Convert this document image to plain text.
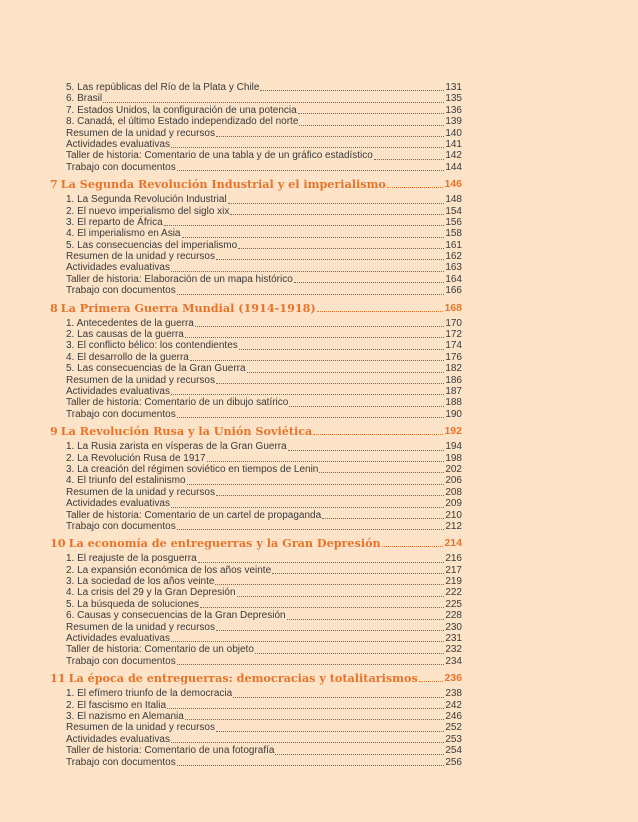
5. Las repúblicas del Río de la Plata y Chile	131
6. Brasil	135
7. Estados Unidos, la configuración de una potencia	136
8. Canadá, el último Estado independizado del norte	139
Resumen de la unidad y recursos	140
Actividades evaluativas	141
Taller de historia: Comentario de una tabla y de un gráfico estadístico	142
Trabajo con documentos	144
7 La Segunda Revolución Industrial y el imperialismo	146
1. La Segunda Revolución Industrial	148
2. El nuevo imperialismo del siglo xix	154
3. El reparto de África	156
4. El imperialismo en Asia	158
5. Las consecuencias del imperialismo	161
Resumen de la unidad y recursos	162
Actividades evaluativas	163
Taller de historia: Elaboración de un mapa histórico	164
Trabajo con documentos	166
8 La Primera Guerra Mundial (1914-1918)	168
1. Antecedentes de la guerra	170
2. Las causas de la guerra	172
3. El conflicto bélico: los contendientes	174
4. El desarrollo de la guerra	176
5. Las consecuencias de la Gran Guerra	182
Resumen de la unidad y recursos	186
Actividades evaluativas	187
Taller de historia: Comentario de un dibujo satírico	188
Trabajo con documentos	190
9 La Revolución Rusa y la Unión Soviética	192
1. La Rusia zarista en vísperas de la Gran Guerra	194
2. La Revolución Rusa de 1917	198
3. La creación del régimen soviético en tiempos de Lenin	202
4. El triunfo del estalinismo	206
Resumen de la unidad y recursos	208
Actividades evaluativas	209
Taller de historia: Comentario de un cartel de propaganda	210
Trabajo con documentos	212
10 La economía de entreguerras y la Gran Depresión	214
1. El reajuste de la posguerra	216
2. La expansión económica de los años veinte	217
3. La sociedad de los años veinte	219
4. La crisis del 29 y la Gran Depresión	222
5. La búsqueda de soluciones	225
6. Causas y consecuencias de la Gran Depresión	228
Resumen de la unidad y recursos	230
Actividades evaluativas	231
Taller de historia: Comentario de un objeto	232
Trabajo con documentos	234
11 La época de entreguerras: democracias y totalitarismos	236
1. El efímero triunfo de la democracia	238
2. El fascismo en Italia	242
3. El nazismo en Alemania	246
Resumen de la unidad y recursos	252
Actividades evaluativas	253
Taller de historia: Comentario de una fotografía	254
Trabajo con documentos	256
